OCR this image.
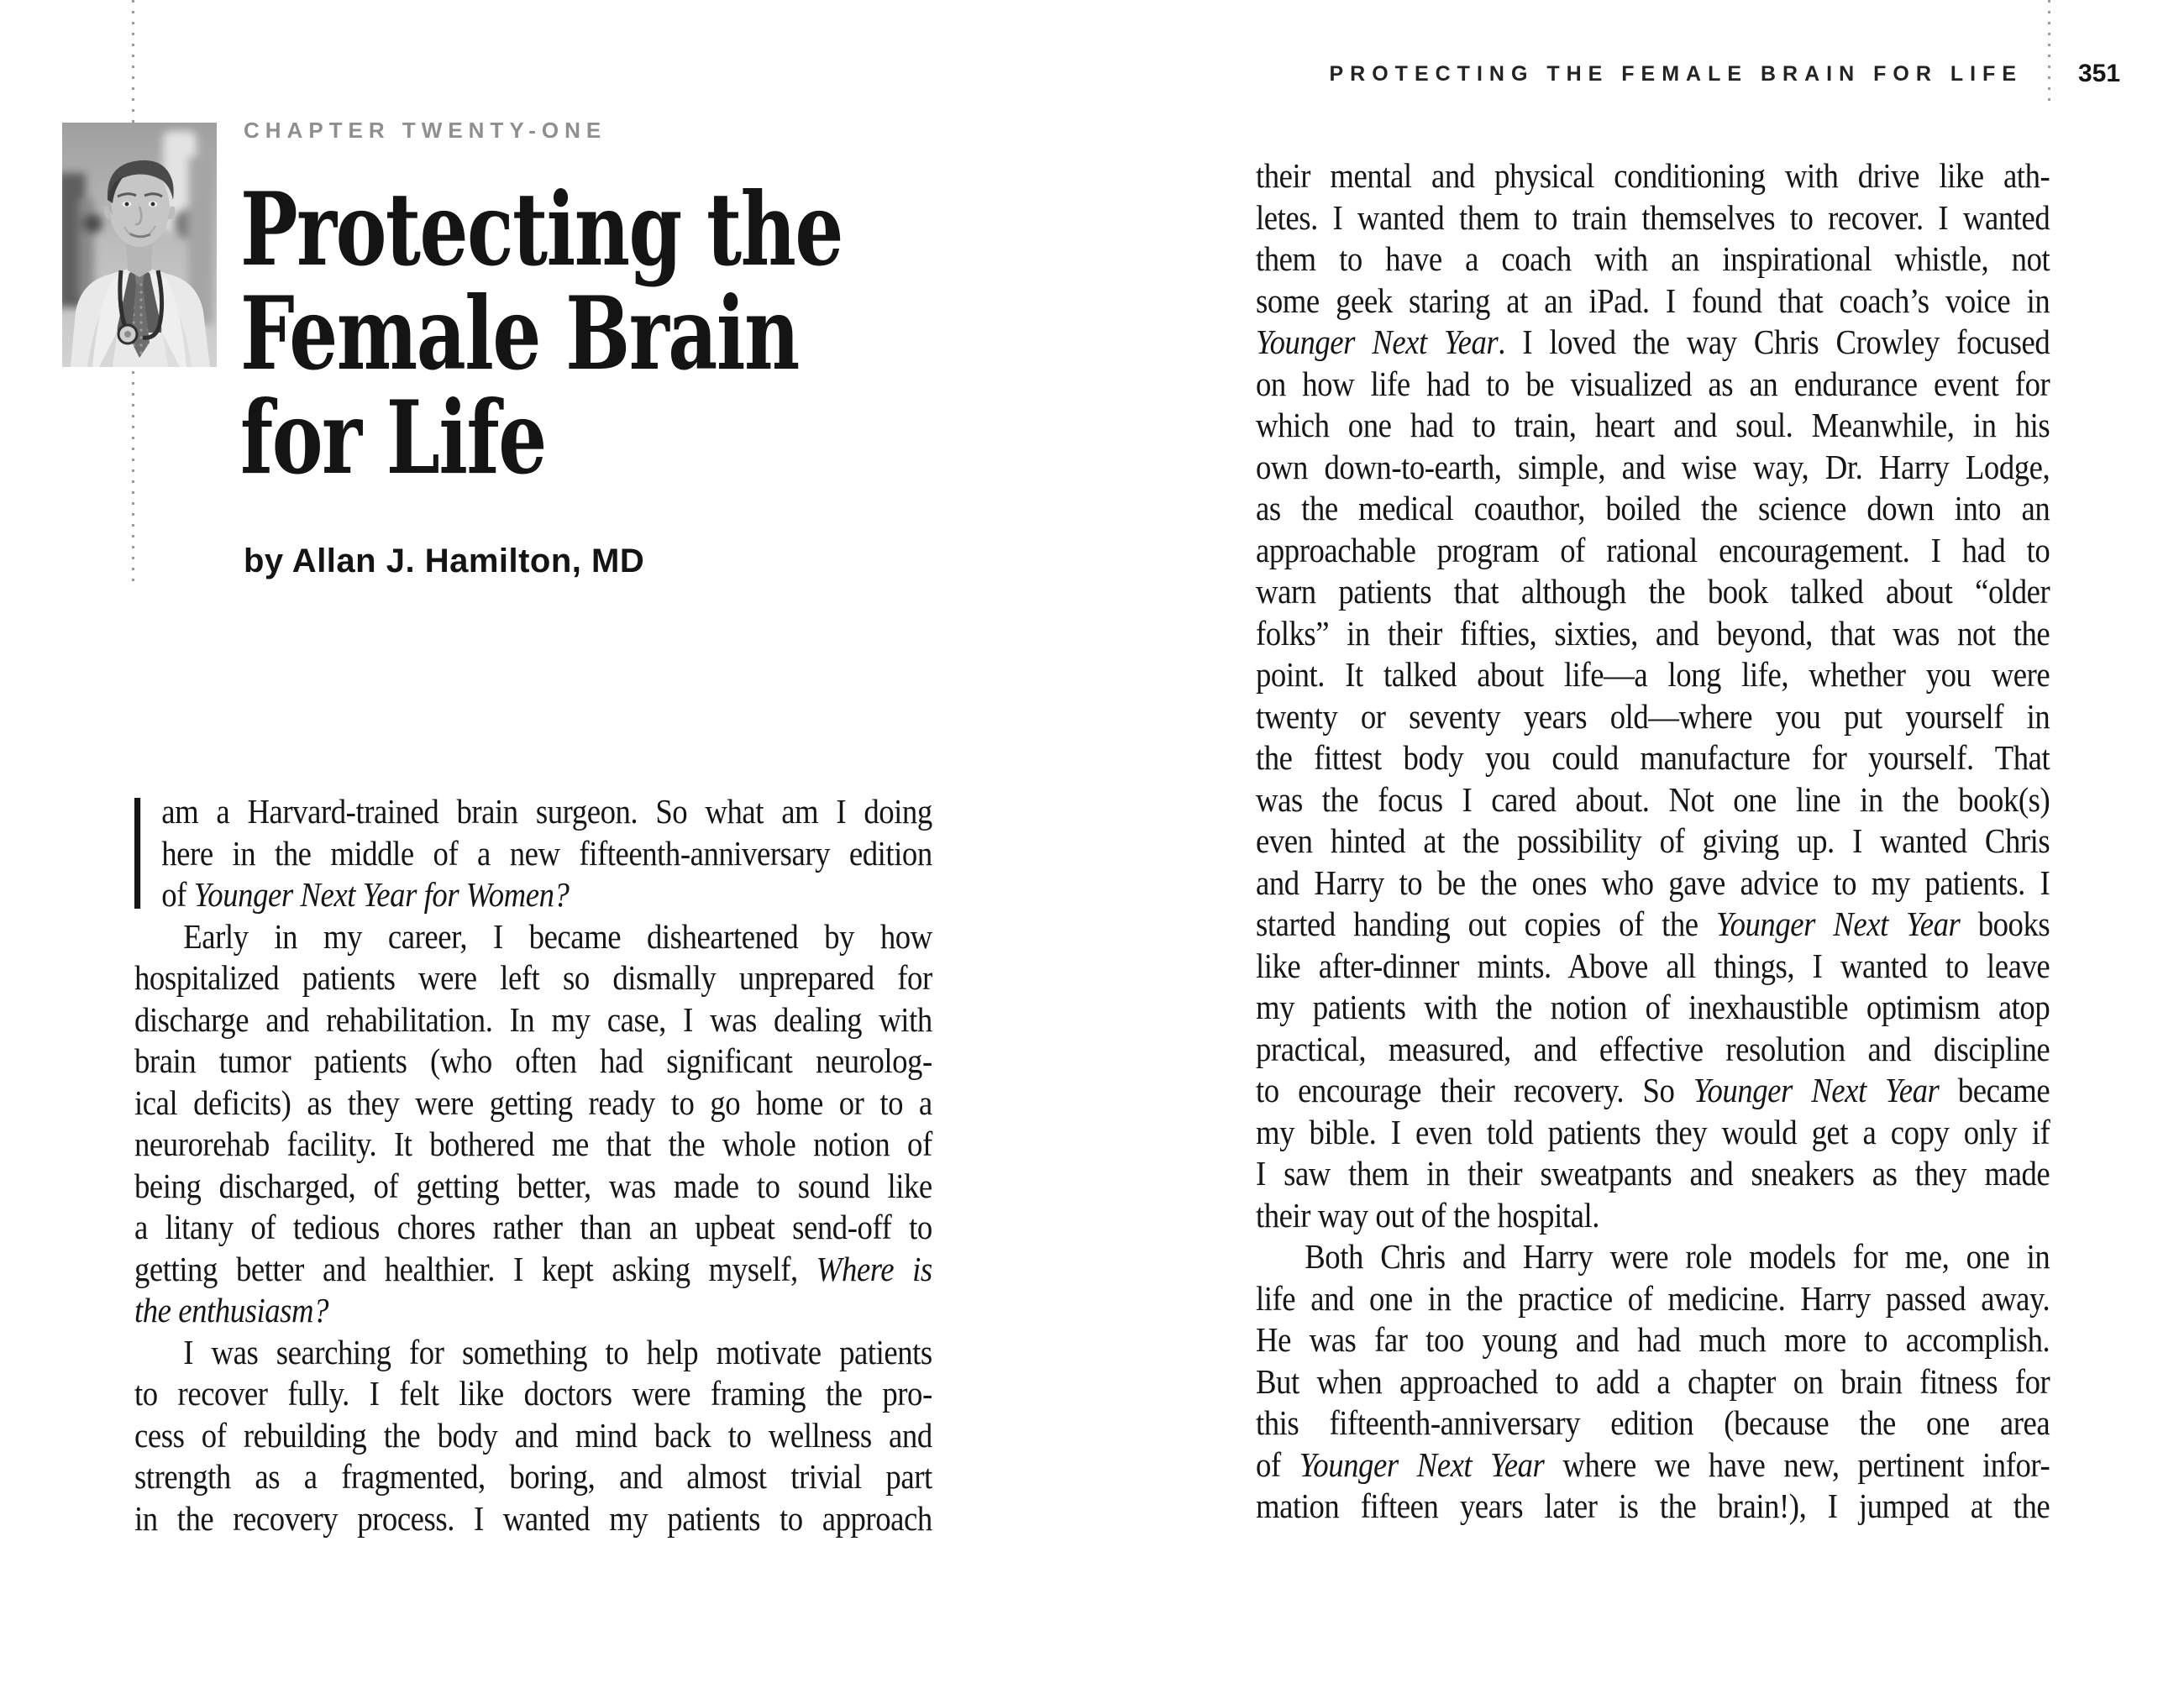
CHAPTER TWENTY-ONE
Protecting the
Female Brain
for Life
by Allan J. Hamilton, MD
PROTECTING THE FEMALE BRAIN FOR LIFE 351
am a Harvard-trained brain surgeon. So what am I doing
here in the middle of a new fifteenth-anniversary edition
of Younger Next Year for Women?
Early in my career, I became disheartened by how
hospitalized patients were left so dismally unprepared for
discharge and rehabilitation. In my case, I was dealing with
brain tumor patients (who often had significant neurolog-
ical deficits) as they were getting ready to go home or to a
neurorehab facility. It bothered me that the whole notion of
being discharged, of getting better, was made to sound like
a litany of tedious chores rather than an upbeat send-off to
getting better and healthier. I kept asking myself, Where is
the enthusiasm?
I was searching for something to help motivate patients
to recover fully. I felt like doctors were framing the pro-
cess of rebuilding the body and mind back to wellness and
strength as a fragmented, boring, and almost trivial part
in the recovery process. I wanted my patients to approach
their mental and physical conditioning with drive like ath-
letes. I wanted them to train themselves to recover. I wanted
them to have a coach with an inspirational whistle, not
some geek staring at an iPad. I found that coach’s voice in
Younger Next Year. I loved the way Chris Crowley focused
on how life had to be visualized as an endurance event for
which one had to train, heart and soul. Meanwhile, in his
own down-to-earth, simple, and wise way, Dr. Harry Lodge,
as the medical coauthor, boiled the science down into an
approachable program of rational encouragement. I had to
warn patients that although the book talked about “older
folks” in their fifties, sixties, and beyond, that was not the
point. It talked about life—a long life, whether you were
twenty or seventy years old—where you put yourself in
the fittest body you could manufacture for yourself. That
was the focus I cared about. Not one line in the book(s)
even hinted at the possibility of giving up. I wanted Chris
and Harry to be the ones who gave advice to my patients. I
started handing out copies of the Younger Next Year books
like after-dinner mints. Above all things, I wanted to leave
my patients with the notion of inexhaustible optimism atop
practical, measured, and effective resolution and discipline
to encourage their recovery. So Younger Next Year became
my bible. I even told patients they would get a copy only if
I saw them in their sweatpants and sneakers as they made
their way out of the hospital.
Both Chris and Harry were role models for me, one in
life and one in the practice of medicine. Harry passed away.
He was far too young and had much more to accomplish.
But when approached to add a chapter on brain fitness for
this fifteenth-anniversary edition (because the one area
of Younger Next Year where we have new, pertinent infor-
mation fifteen years later is the brain!), I jumped at the
